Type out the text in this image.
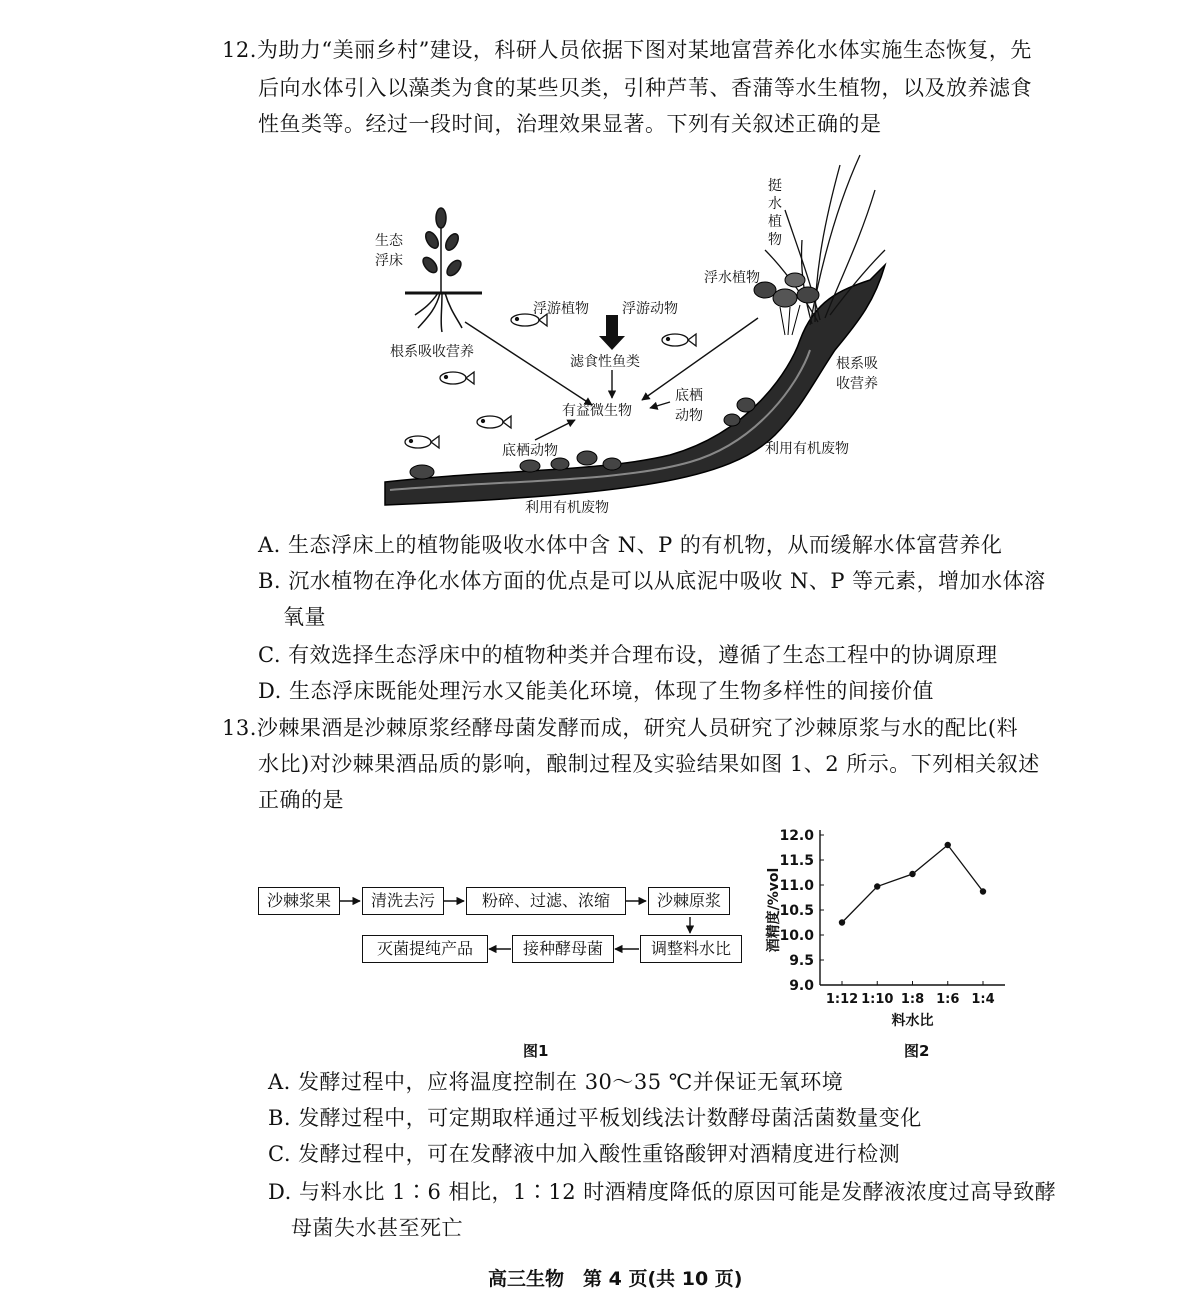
12.为助力“美丽乡村”建设，科研人员依据下图对某地富营养化水体实施生态恢复，先
后向水体引入以藻类为食的某些贝类，引种芦苇、香蒲等水生植物，以及放养滤食
性鱼类等。经过一段时间，治理效果显著。下列有关叙述正确的是
生态
浮床
挺
水
植
物
浮水植物
浮游植物 浮游动物
滤食性鱼类
根系吸收营养
根系吸
收营养
底栖
动物
有益微生物
底栖动物	利用有机废物
利用有机废物
A. 生态浮床上的植物能吸收水体中含 N、P 的有机物，从而缓解水体富营养化
B. 沉水植物在净化水体方面的优点是可以从底泥中吸收 N、P 等元素，增加水体溶
氧量
C. 有效选择生态浮床中的植物种类并合理布设，遵循了生态工程中的协调原理
D. 生态浮床既能处理污水又能美化环境，体现了生物多样性的间接价值
13.沙棘果酒是沙棘原浆经酵母菌发酵而成，研究人员研究了沙棘原浆与水的配比(料
水比)对沙棘果酒品质的影响，酿制过程及实验结果如图 1、2 所示。下列相关叙述
正确的是
沙棘浆果	清洗去污	粉碎、过滤、浓缩	沙棘原浆
调整料水比
接种酵母菌
灭菌提纯产品
图1
9.0
9.5
10.0
10.5
11.0
11.5
12.0
1:12 1:10 1:8 1:6 1:4
料水比
酒精度/%vol
图2
A. 发酵过程中，应将温度控制在 30～35 ℃并保证无氧环境
B. 发酵过程中，可定期取样通过平板划线法计数酵母菌活菌数量变化
C. 发酵过程中，可在发酵液中加入酸性重铬酸钾对酒精度进行检测
D. 与料水比 1∶6 相比，1∶12 时酒精度降低的原因可能是发酵液浓度过高导致酵
母菌失水甚至死亡
高三生物　第 4 页(共 10 页)
